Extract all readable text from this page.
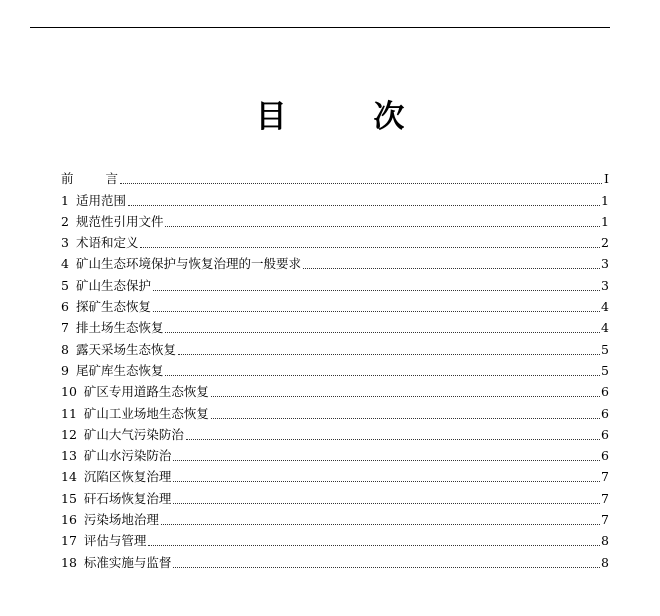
目 次
前 言	I
1 适用范围	1
2 规范性引用文件	1
3 术语和定义	2
4 矿山生态环境保护与恢复治理的一般要求	3
5 矿山生态保护	3
6 探矿生态恢复	4
7 排土场生态恢复	4
8 露天采场生态恢复	5
9 尾矿库生态恢复	5
10 矿区专用道路生态恢复	6
11 矿山工业场地生态恢复	6
12 矿山大气污染防治	6
13 矿山水污染防治	6
14 沉陷区恢复治理	7
15 矸石场恢复治理	7
16 污染场地治理	7
17 评估与管理	8
18 标准实施与监督	8
